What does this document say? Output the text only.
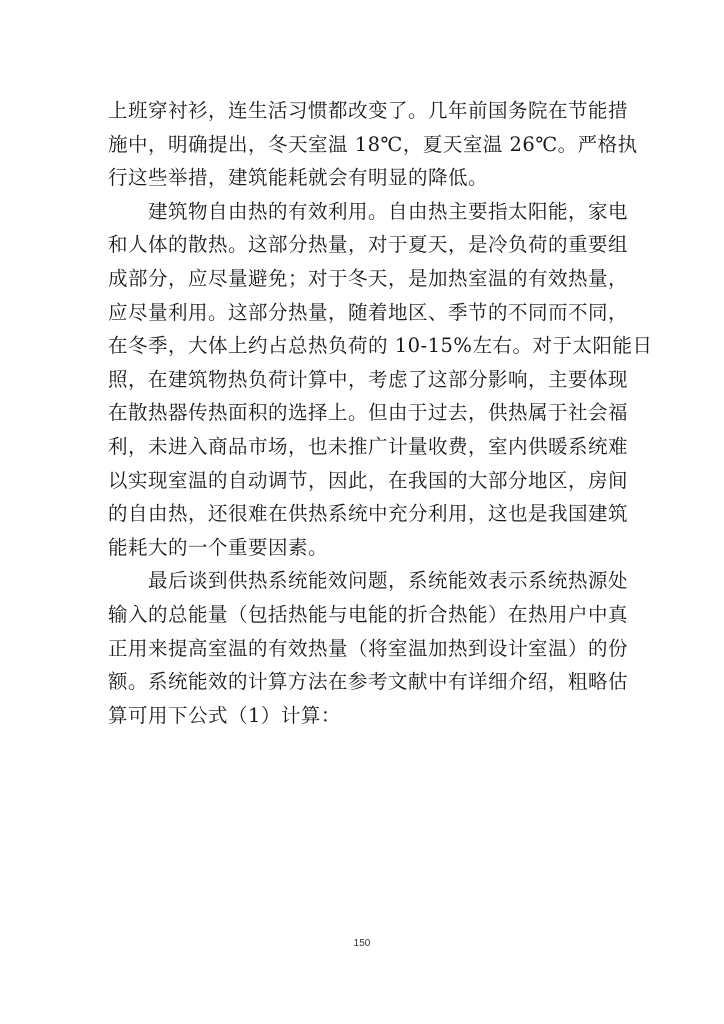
上班穿衬衫，连生活习惯都改变了。几年前国务院在节能措
施中，明确提出，冬天室温 18℃，夏天室温 26℃。严格执
行这些举措，建筑能耗就会有明显的降低。
　　建筑物自由热的有效利用。自由热主要指太阳能，家电
和人体的散热。这部分热量，对于夏天，是冷负荷的重要组
成部分，应尽量避免；对于冬天，是加热室温的有效热量，
应尽量利用。这部分热量，随着地区、季节的不同而不同，
在冬季，大体上约占总热负荷的 10-15%左右。对于太阳能日
照，在建筑物热负荷计算中，考虑了这部分影响，主要体现
在散热器传热面积的选择上。但由于过去，供热属于社会福
利，未进入商品市场，也未推广计量收费，室内供暖系统难
以实现室温的自动调节，因此，在我国的大部分地区，房间
的自由热，还很难在供热系统中充分利用，这也是我国建筑
能耗大的一个重要因素。
　　最后谈到供热系统能效问题，系统能效表示系统热源处
输入的总能量（包括热能与电能的折合热能）在热用户中真
正用来提高室温的有效热量（将室温加热到设计室温）的份
额。系统能效的计算方法在参考文献中有详细介绍，粗略估
算可用下公式（1）计算：
150
